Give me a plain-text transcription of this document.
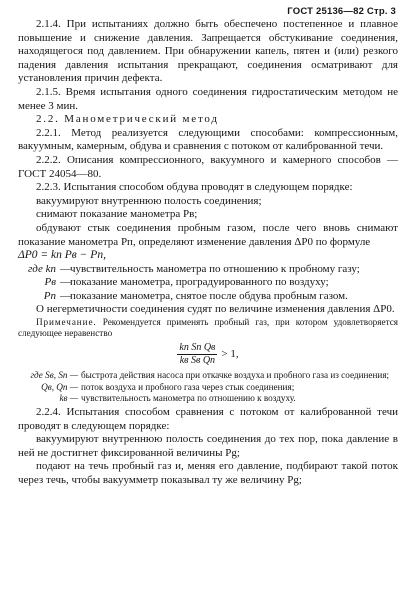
ГОСТ 25136—82 Стр. 3

2.1.4. При испытаниях должно быть обеспечено постепенное и плавное повышение и снижение давления. Запрещается обстукивание соединения, находящегося под давлением. При обнаружении капель, пятен и (или) резкого падения давления испытания прекращают, соединения осматривают для установления причин дефекта.

2.1.5. Время испытания одного соединения гидростатическим методом не менее 3 мин.

2.2. Манометрический метод

2.2.1. Метод реализуется следующими способами: компрессионным, вакуумным, камерным, обдува и сравнения с потоком от калиброванной течи.

2.2.2. Описания компрессионного, вакуумного и камерного способов — ГОСТ 24054—80.

2.2.3. Испытания способом обдува проводят в следующем порядке:

вакуумируют внутреннюю полость соединения;

снимают показание манометра Pв;

обдувают стык соединения пробным газом, после чего вновь снимают показание манометра Pп, определяют изменение давления ΔP0 по формуле

ΔP0 = kп Pв − Pп,

где kп — чувствительность манометра по отношению к пробному газу;
Pв — показание манометра, проградуированного по воздуху;
Pп — показание манометра, снятое после обдува пробным газом.

О негерметичности соединения судят по величине изменения давления ΔP0.

Примечание. Рекомендуется применять пробный газ, при котором удовлетворяется следующее неравенство

$\frac{\text{kп Sп Qв}}{\text{kв Sв Qп}} > 1$,
где Sв, Sп — быстрота действия насоса при откачке воздуха и пробного газа из соединения;
Qв, Qп — поток воздуха и пробного газа через стык соединения;
kв — чувствительность манометра по отношению к воздуху.

2.2.4. Испытания способом сравнения с потоком от калиброванной течи проводят в следующем порядке:

вакуумируют внутреннюю полость соединения до тех пор, пока давление в ней не достигнет фиксированной величины Pg;

подают на течь пробный газ и, меняя его давление, подбирают такой поток через течь, чтобы вакуумметр показывал ту же величину Pg;
